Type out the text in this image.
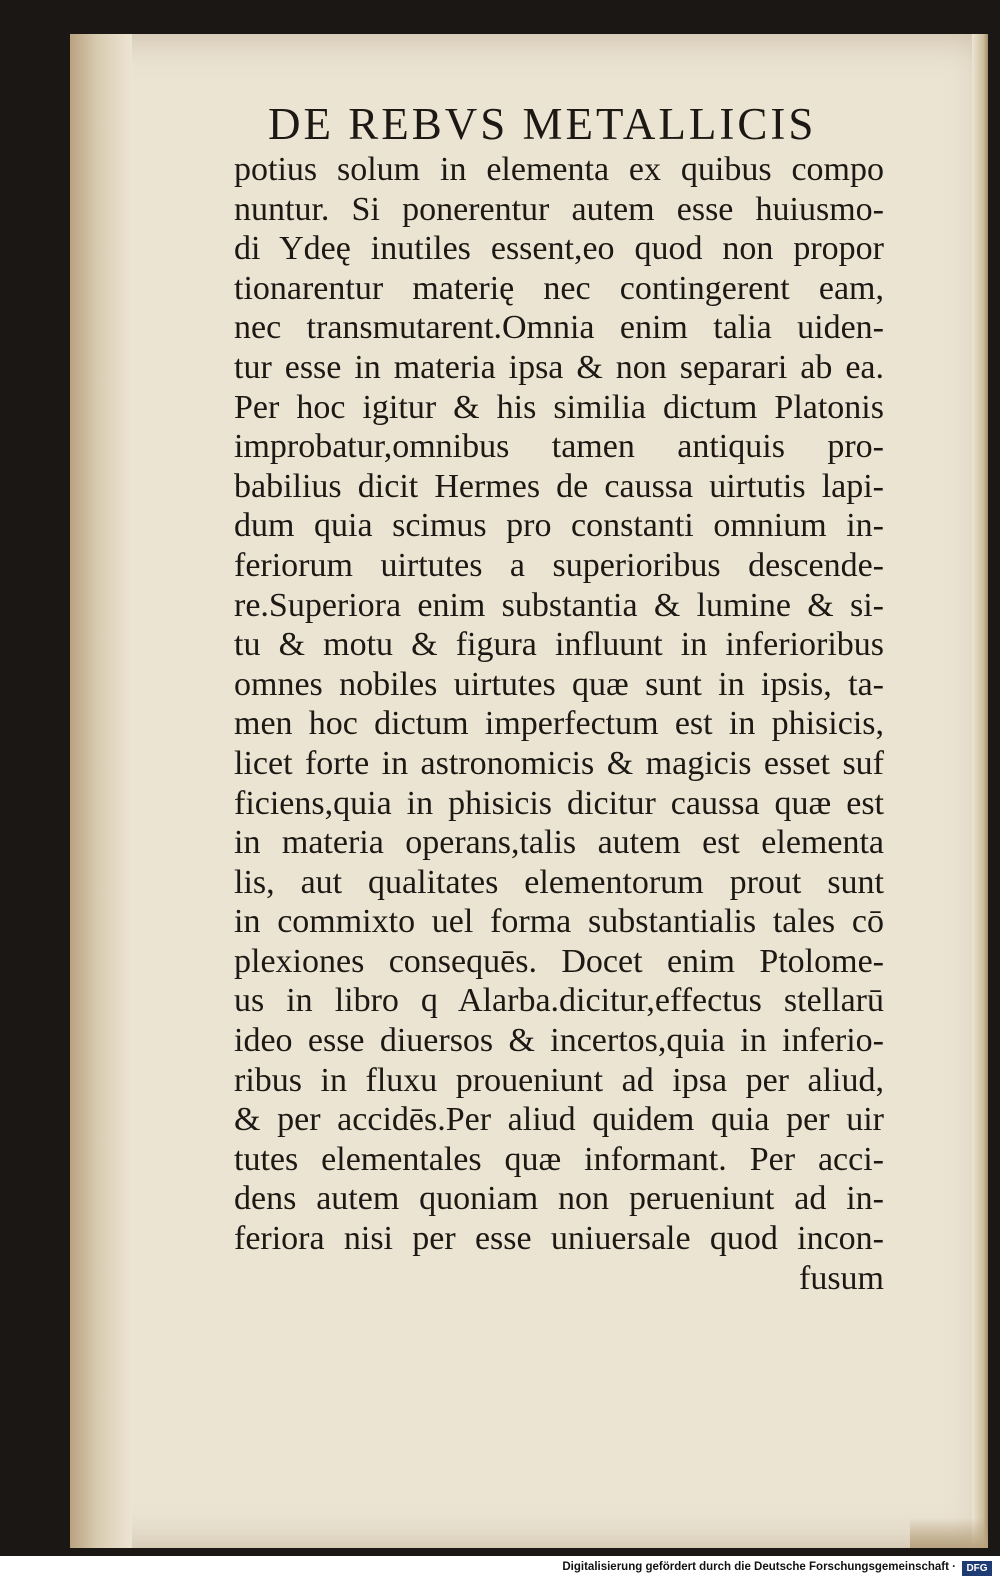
DE REBVS METALLICIS
potius solum in elementa ex quibus compo
nuntur. Si ponerentur autem esse huiusmo-
di Ydeę inutiles essent,eo quod non propor
tionarentur materię nec contingerent eam,
nec transmutarent.Omnia enim talia uiden-
tur esse in materia ipsa & non separari ab ea.
Per hoc igitur & his similia dictum Platonis
improbatur,omnibus tamen antiquis pro-
babilius dicit Hermes de caussa uirtutis lapi-
dum quia scimus pro constanti omnium in-
feriorum uirtutes a superioribus descende-
re.Superiora enim substantia & lumine & si-
tu & motu & figura influunt in inferioribus
omnes nobiles uirtutes quæ sunt in ipsis, ta-
men hoc dictum imperfectum est in phisicis,
licet forte in astronomicis & magicis esset suf
ficiens,quia in phisicis dicitur caussa quæ est
in materia operans,talis autem est elementa
lis, aut qualitates elementorum prout sunt
in commixto uel forma substantialis tales cō
plexiones consequēs. Docet enim Ptolome-
us in libro q Alarba.dicitur,effectus stellarū
ideo esse diuersos & incertos,quia in inferio-
ribus in fluxu proueniunt ad ipsa per aliud,
& per accidēs.Per aliud quidem quia per uir
tutes elementales quæ informant. Per acci-
dens autem quoniam non perueniunt ad in-
feriora nisi per esse uniuersale quod incon-
fusum
Digitalisierung gefördert durch die Deutsche Forschungsgemeinschaft ·	DFG
